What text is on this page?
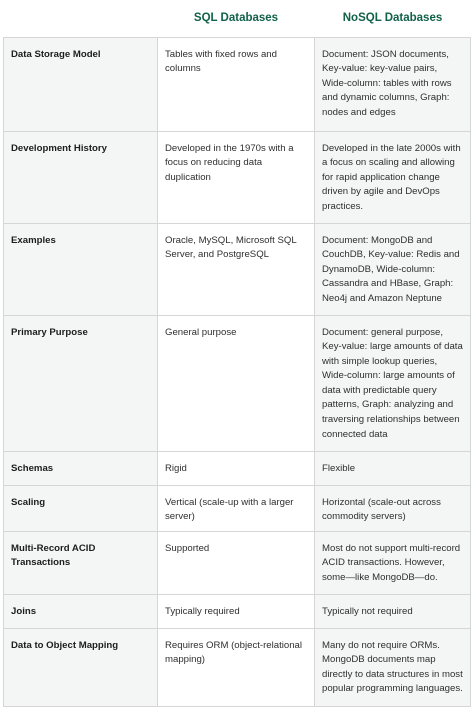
	SQL Databases	NoSQL Databases
Data Storage Model	Tables with fixed rows and columns	Document: JSON documents, Key-value: key-value pairs, Wide-column: tables with rows and dynamic columns, Graph: nodes and edges
Development History	Developed in the 1970s with a focus on reducing data duplication	Developed in the late 2000s with a focus on scaling and allowing for rapid application change driven by agile and DevOps practices.
Examples	Oracle, MySQL, Microsoft SQL Server, and PostgreSQL	Document: MongoDB and CouchDB, Key-value: Redis and DynamoDB, Wide-column: Cassandra and HBase, Graph: Neo4j and Amazon Neptune
Primary Purpose	General purpose	Document: general purpose, Key-value: large amounts of data with simple lookup queries, Wide-column: large amounts of data with predictable query patterns, Graph: analyzing and traversing relationships between connected data
Schemas	Rigid	Flexible
Scaling	Vertical (scale-up with a larger server)	Horizontal (scale-out across commodity servers)
Multi-Record ACID Transactions	Supported	Most do not support multi-record ACID transactions. However, some—like MongoDB—do.
Joins	Typically required	Typically not required
Data to Object Mapping	Requires ORM (object-relational mapping)	Many do not require ORMs. MongoDB documents map directly to data structures in most popular programming languages.
